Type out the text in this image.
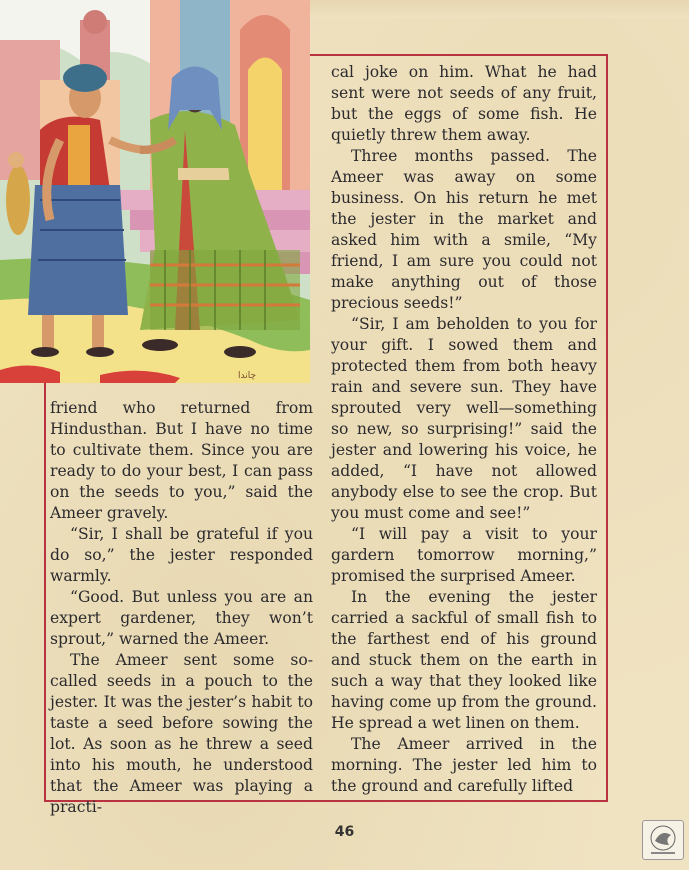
چاندا

friend who returned from Hindusthan. But I have no time to cultivate them. Since you are ready to do your best, I can pass on the seeds to you,” said the Ameer gravely.

“Sir, I shall be grateful if you do so,” the jester responded warmly.

“Good. But unless you are an expert gardener, they won’t sprout,” warned the Ameer.

The Ameer sent some so-called seeds in a pouch to the jester. It was the jester’s habit to taste a seed before sowing the lot. As soon as he threw a seed into his mouth, he understood that the Ameer was playing a practi-

cal joke on him. What he had sent were not seeds of any fruit, but the eggs of some fish. He quietly threw them away.

Three months passed. The Ameer was away on some business. On his return he met the jester in the market and asked him with a smile, “My friend, I am sure you could not make anything out of those precious seeds!”

“Sir, I am beholden to you for your gift. I sowed them and protected them from both heavy rain and severe sun. They have sprouted very well—something so new, so surprising!” said the jester and lowering his voice, he added, “I have not allowed anybody else to see the crop. But you must come and see!”

“I will pay a visit to your gardern tomorrow morning,” promised the surprised Ameer.

In the evening the jester carried a sackful of small fish to the farthest end of his ground and stuck them on the earth in such a way that they looked like having come up from the ground. He spread a wet linen on them.

The Ameer arrived in the morning. The jester led him to the ground and carefully lifted

46
